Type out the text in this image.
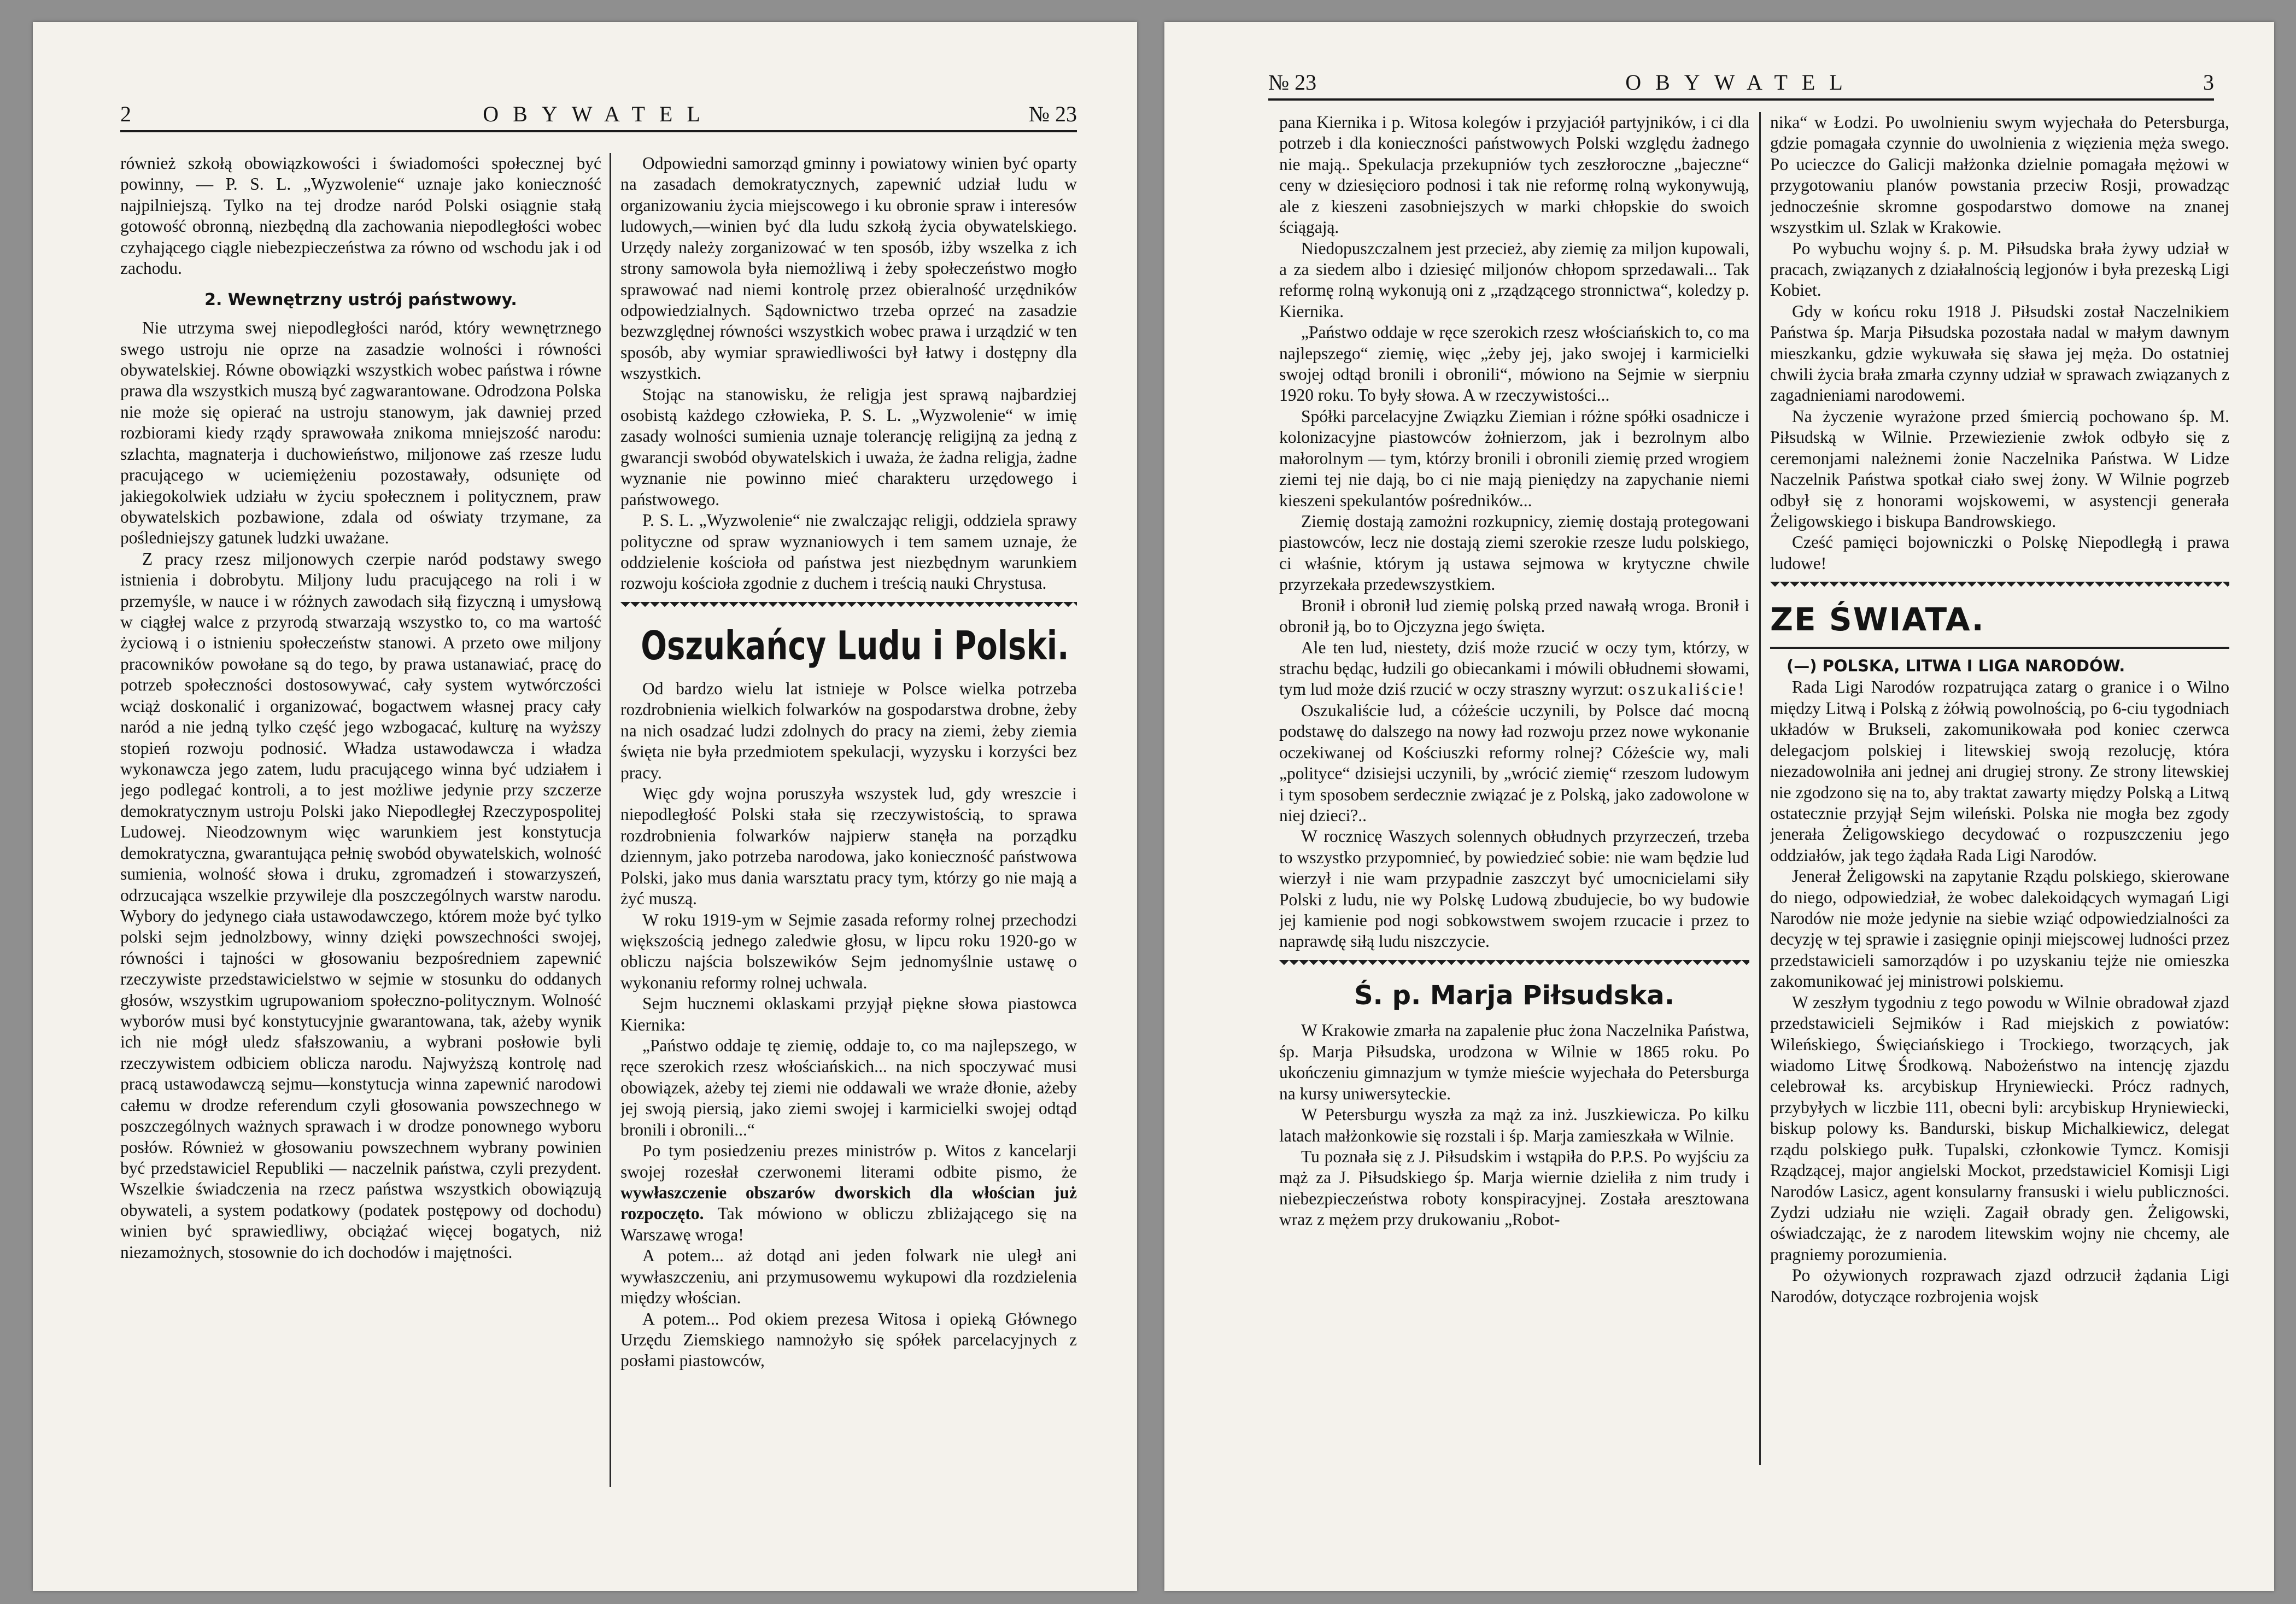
2	OBYWATEL	№ 23

również szkołą obowiązkowości i świadomości społecznej być powinny, — P. S. L. „Wyzwolenie“ uznaje jako konieczność najpilniejszą. Tylko na tej drodze naród Polski osiągnie stałą gotowość obronną, niezbędną dla zachowania niepodległości wobec czyhającego ciągle niebezpieczeństwa za równo od wschodu jak i od zachodu.

2. Wewnętrzny ustrój państwowy.

Nie utrzyma swej niepodległości naród, który wewnętrznego swego ustroju nie oprze na zasadzie wolności i równości obywatelskiej. Równe obowiązki wszystkich wobec państwa i równe prawa dla wszystkich muszą być zagwarantowane. Odrodzona Polska nie może się opierać na ustroju stanowym, jak dawniej przed rozbiorami kiedy rządy sprawowała znikoma mniejszość narodu: szlachta, magnaterja i duchowieństwo, miljonowe zaś rzesze ludu pracującego w uciemiężeniu pozostawały, odsunięte od jakiegokolwiek udziału w życiu społecznem i politycznem, praw obywatelskich pozbawione, zdala od oświaty trzymane, za pośledniejszy gatunek ludzki uważane.

Z pracy rzesz miljonowych czerpie naród podstawy swego istnienia i dobrobytu. Miljony ludu pracującego na roli i w przemyśle, w nauce i w różnych zawodach siłą fizyczną i umysłową w ciągłej walce z przyrodą stwarzają wszystko to, co ma wartość życiową i o istnieniu społeczeństw stanowi. A przeto owe miljony pracowników powołane są do tego, by prawa ustanawiać, pracę do potrzeb społeczności dostosowywać, cały system wytwórczości wciąż doskonalić i organizować, bogactwem własnej pracy cały naród a nie jedną tylko część jego wzbogacać, kulturę na wyższy stopień rozwoju podnosić. Władza ustawodawcza i władza wykonawcza jego zatem, ludu pracującego winna być udziałem i jego podlegać kontroli, a to jest możliwe jedynie przy szczerze demokratycznym ustroju Polski jako Niepodległej Rzeczypospolitej Ludowej. Nieodzownym więc warunkiem jest konstytucja demokratyczna, gwarantująca pełnię swobód obywatelskich, wolność sumienia, wolność słowa i druku, zgromadzeń i stowarzyszeń, odrzucająca wszelkie przywileje dla poszczególnych warstw narodu. Wybory do jedynego ciała ustawodawczego, którem może być tylko polski sejm jednolzbowy, winny dzięki powszechności swojej, równości i tajności w głosowaniu bezpośredniem zapewnić rzeczywiste przedstawicielstwo w sejmie w stosunku do oddanych głosów, wszystkim ugrupowaniom społeczno-politycznym. Wolność wyborów musi być konstytucyjnie gwarantowana, tak, ażeby wynik ich nie mógł uledz sfałszowaniu, a wybrani posłowie byli rzeczywistem odbiciem oblicza narodu. Najwyższą kontrolę nad pracą ustawodawczą sejmu—konstytucja winna zapewnić narodowi całemu w drodze referendum czyli głosowania powszechnego w poszczególnych ważnych sprawach i w drodze ponownego wyboru posłów. Również w głosowaniu powszechnem wybrany powinien być przedstawiciel Republiki — naczelnik państwa, czyli prezydent. Wszelkie świadczenia na rzecz państwa wszystkich obowiązują obywateli, a system podatkowy (podatek postępowy od dochodu) winien być sprawiedliwy, obciążać więcej bogatych, niż niezamożnych, stosownie do ich dochodów i majętności.

Odpowiedni samorząd gminny i powiatowy winien być oparty na zasadach demokratycznych, zapewnić udział ludu w organizowaniu życia miejscowego i ku obronie spraw i interesów ludowych,—winien być dla ludu szkołą życia obywatelskiego. Urzędy należy zorganizować w ten sposób, iżby wszelka z ich strony samowola była niemożliwą i żeby społeczeństwo mogło sprawować nad niemi kontrolę przez obieralność urzędników odpowiedzialnych. Sądownictwo trzeba oprzeć na zasadzie bezwzględnej równości wszystkich wobec prawa i urządzić w ten sposób, aby wymiar sprawiedliwości był łatwy i dostępny dla wszystkich.

Stojąc na stanowisku, że religja jest sprawą najbardziej osobistą każdego człowieka, P. S. L. „Wyzwolenie“ w imię zasady wolności sumienia uznaje tolerancję religijną za jedną z gwarancji swobód obywatelskich i uważa, że żadna religja, żadne wyznanie nie powinno mieć charakteru urzędowego i państwowego.

P. S. L. „Wyzwolenie“ nie zwalczając religji, oddziela sprawy polityczne od spraw wyznaniowych i tem samem uznaje, że oddzielenie kościoła od państwa jest niezbędnym warunkiem rozwoju kościoła zgodnie z duchem i treścią nauki Chrystusa.

Oszukańcy Ludu i Polski.

Od bardzo wielu lat istnieje w Polsce wielka potrzeba rozdrobnienia wielkich folwarków na gospodarstwa drobne, żeby na nich osadzać ludzi zdolnych do pracy na ziemi, żeby ziemia święta nie była przedmiotem spekulacji, wyzysku i korzyści bez pracy.

Więc gdy wojna poruszyła wszystek lud, gdy wreszcie i niepodległość Polski stała się rzeczywistością, to sprawa rozdrobnienia folwarków najpierw stanęła na porządku dziennym, jako potrzeba narodowa, jako konieczność państwowa Polski, jako mus dania warsztatu pracy tym, którzy go nie mają a żyć muszą.

W roku 1919-ym w Sejmie zasada reformy rolnej przechodzi większością jednego zaledwie głosu, w lipcu roku 1920-go w obliczu najścia bolszewików Sejm jednomyślnie ustawę o wykonaniu reformy rolnej uchwala.

Sejm hucznemi oklaskami przyjął piękne słowa piastowca Kiernika:

„Państwo oddaje tę ziemię, oddaje to, co ma najlepszego, w ręce szerokich rzesz włościańskich... na nich spoczywać musi obowiązek, ażeby tej ziemi nie oddawali we wraże dłonie, ażeby jej swoją piersią, jako ziemi swojej i karmicielki swojej odtąd bronili i obronili...“

Po tym posiedzeniu prezes ministrów p. Witos z kancelarji swojej rozesłał czerwonemi literami odbite pismo, że wywłaszczenie obszarów dworskich dla włościan już rozpoczęto. Tak mówiono w obliczu zbliżającego się na Warszawę wroga!

A potem... aż dotąd ani jeden folwark nie uległ ani wywłaszczeniu, ani przymusowemu wykupowi dla rozdzielenia między włościan.

A potem... Pod okiem prezesa Witosa i opieką Głównego Urzędu Ziemskiego namnożyło się spółek parcelacyjnych z posłami piastowców,

№ 23	OBYWATEL	3

pana Kiernika i p. Witosa kolegów i przyjaciół partyjników, i ci dla potrzeb i dla konieczności państwowych Polski względu żadnego nie mają.. Spekulacja przekupniów tych zeszłoroczne „bajeczne“ ceny w dziesięcioro podnosi i tak nie reformę rolną wykonywują, ale z kieszeni zasobniejszych w marki chłopskie do swoich ściągają.

Niedopuszczalnem jest przecież, aby ziemię za miljon kupowali, a za siedem albo i dziesięć miljonów chłopom sprzedawali... Tak reformę rolną wykonują oni z „rządzącego stronnictwa“, koledzy p. Kiernika.

„Państwo oddaje w ręce szerokich rzesz włościańskich to, co ma najlepszego“ ziemię, więc „żeby jej, jako swojej i karmicielki swojej odtąd bronili i obronili“, mówiono na Sejmie w sierpniu 1920 roku. To były słowa. A w rzeczywistości...

Spółki parcelacyjne Związku Ziemian i różne spółki osadnicze i kolonizacyjne piastowców żołnierzom, jak i bezrolnym albo małorolnym — tym, którzy bronili i obronili ziemię przed wrogiem ziemi tej nie dają, bo ci nie mają pieniędzy na zapychanie niemi kieszeni spekulantów pośredników...

Ziemię dostają zamożni rozkupnicy, ziemię dostają protegowani piastowców, lecz nie dostają ziemi szerokie rzesze ludu polskiego, ci właśnie, którym ją ustawa sejmowa w krytyczne chwile przyrzekała przedewszystkiem.

Bronił i obronił lud ziemię polską przed nawałą wroga. Bronił i obronił ją, bo to Ojczyzna jego święta.

Ale ten lud, niestety, dziś może rzucić w oczy tym, którzy, w strachu będąc, łudzili go obiecankami i mówili obłudnemi słowami, tym lud może dziś rzucić w oczy straszny wyrzut: oszukaliście!

Oszukaliście lud, a cóżeście uczynili, by Polsce dać mocną podstawę do dalszego na nowy ład rozwoju przez nowe wykonanie oczekiwanej od Kościuszki reformy rolnej? Cóżeście wy, mali „polityce“ dzisiejsi uczynili, by „wrócić ziemię“ rzeszom ludowym i tym sposobem serdecznie związać je z Polską, jako zadowolone w niej dzieci?..

W rocznicę Waszych solennych obłudnych przyrzeczeń, trzeba to wszystko przypomnieć, by powiedzieć sobie: nie wam będzie lud wierzył i nie wam przypadnie zaszczyt być umocnicielami siły Polski z ludu, nie wy Polskę Ludową zbudujecie, bo wy budowie jej kamienie pod nogi sobkowstwem swojem rzucacie i przez to naprawdę siłą ludu niszczycie.

Ś. p. Marja Piłsudska.

W Krakowie zmarła na zapalenie płuc żona Naczelnika Państwa, śp. Marja Piłsudska, urodzona w Wilnie w 1865 roku. Po ukończeniu gimnazjum w tymże mieście wyjechała do Petersburga na kursy uniwersyteckie.

W Petersburgu wyszła za mąż za inż. Juszkiewicza. Po kilku latach małżonkowie się rozstali i śp. Marja zamieszkała w Wilnie.

Tu poznała się z J. Piłsudskim i wstąpiła do P.P.S. Po wyjściu za mąż za J. Piłsudskiego śp. Marja wiernie dzieliła z nim trudy i niebezpieczeństwa roboty konspiracyjnej. Została aresztowana wraz z mężem przy drukowaniu „Robot-

nika“ w Łodzi. Po uwolnieniu swym wyjechała do Petersburga, gdzie pomagała czynnie do uwolnienia z więzienia męża swego. Po ucieczce do Galicji małżonka dzielnie pomagała mężowi w przygotowaniu planów powstania przeciw Rosji, prowadząc jednocześnie skromne gospodarstwo domowe na znanej wszystkim ul. Szlak w Krakowie.

Po wybuchu wojny ś. p. M. Piłsudska brała żywy udział w pracach, związanych z działalnością legjonów i była prezeską Ligi Kobiet.

Gdy w końcu roku 1918 J. Piłsudski został Naczelnikiem Państwa śp. Marja Piłsudska pozostała nadal w małym dawnym mieszkanku, gdzie wykuwała się sława jej męża. Do ostatniej chwili życia brała zmarła czynny udział w sprawach związanych z zagadnieniami narodowemi.

Na życzenie wyrażone przed śmiercią pochowano śp. M. Piłsudską w Wilnie. Przewiezienie zwłok odbyło się z ceremonjami należnemi żonie Naczelnika Państwa. W Lidze Naczelnik Państwa spotkał ciało swej żony. W Wilnie pogrzeb odbył się z honorami wojskowemi, w asystencji generała Żeligowskiego i biskupa Bandrowskiego.

Cześć pamięci bojowniczki o Polskę Niepodległą i prawa ludowe!

ZE ŚWIATA.
(—) POLSKA, LITWA I LIGA NARODÓW.

Rada Ligi Narodów rozpatrująca zatarg o granice i o Wilno między Litwą i Polską z żółwią powolnością, po 6-ciu tygodniach układów w Brukseli, zakomunikowała pod koniec czerwca delegacjom polskiej i litewskiej swoją rezolucję, która niezadowolniła ani jednej ani drugiej strony. Ze strony litewskiej nie zgodzono się na to, aby traktat zawarty między Polską a Litwą ostatecznie przyjął Sejm wileński. Polska nie mogła bez zgody jenerała Żeligowskiego decydować o rozpuszczeniu jego oddziałów, jak tego żądała Rada Ligi Narodów.

Jenerał Żeligowski na zapytanie Rządu polskiego, skierowane do niego, odpowiedział, że wobec dalekoidących wymagań Ligi Narodów nie może jedynie na siebie wziąć odpowiedzialności za decyzję w tej sprawie i zasięgnie opinji miejscowej ludności przez przedstawicieli samorządów i po uzyskaniu tejże nie omieszka zakomunikować jej ministrowi polskiemu.

W zeszłym tygodniu z tego powodu w Wilnie obradował zjazd przedstawicieli Sejmików i Rad miejskich z powiatów: Wileńskiego, Święciańskiego i Trockiego, tworzących, jak wiadomo Litwę Środkową. Nabożeństwo na intencję zjazdu celebrował ks. arcybiskup Hryniewiecki. Prócz radnych, przybyłych w liczbie 111, obecni byli: arcybiskup Hryniewiecki, biskup polowy ks. Bandurski, biskup Michalkiewicz, delegat rządu polskiego pułk. Tupalski, członkowie Tymcz. Komisji Rządzącej, major angielski Mockot, przedstawiciel Komisji Ligi Narodów Lasicz, agent konsularny fransuski i wielu publiczności. Zydzi udziału nie wzięli. Zagaił obrady gen. Żeligowski, oświadczając, że z narodem litewskim wojny nie chcemy, ale pragniemy porozumienia.

Po ożywionych rozprawach zjazd odrzucił żądania Ligi Narodów, dotyczące rozbrojenia wojsk
